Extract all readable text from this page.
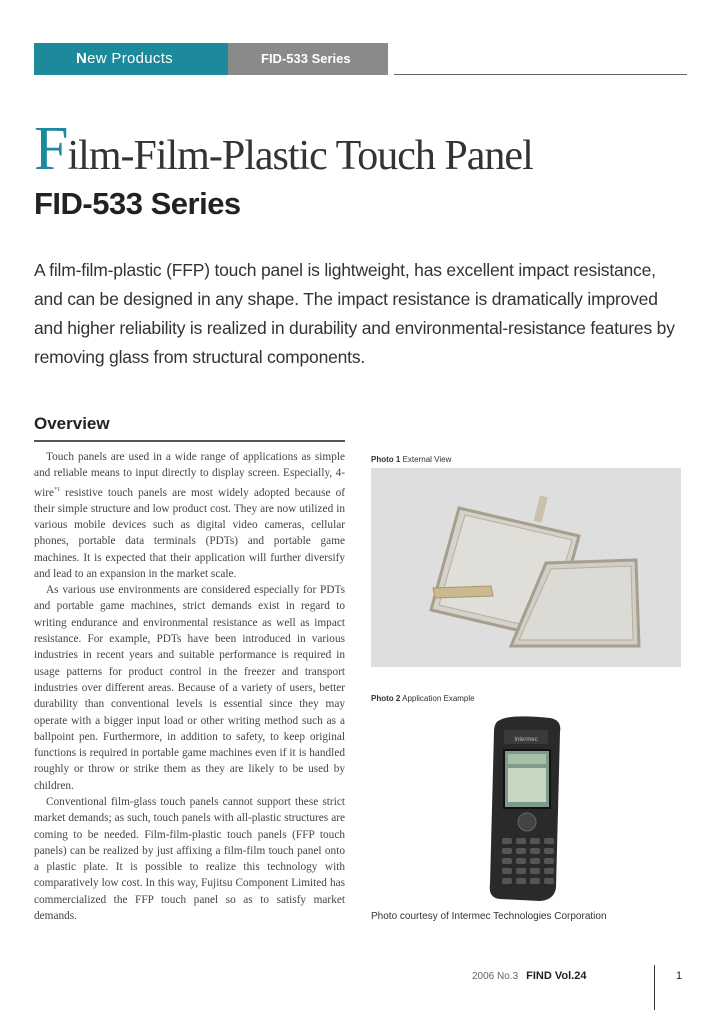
New Products	FID-533 Series
Film-Film-Plastic Touch Panel
FID-533 Series
A film-film-plastic (FFP) touch panel is lightweight, has excellent impact resistance, and can be designed in any shape. The impact resistance is dramatically improved and higher reliability is realized in durability and environmental-resistance features by removing glass from structural components.
Overview

Touch panels are used in a wide range of applications as simple and reliable means to input directly to display screen. Especially, 4-wire$^{*1}$ resistive touch panels are most widely adopted because of their simple structure and low product cost. They are now utilized in various mobile devices such as digital video cameras, cellular phones, portable data terminals (PDTs) and portable game machines. It is expected that their application will further diversify and lead to an expansion in the market scale.

As various use environments are considered especially for PDTs and portable game machines, strict demands exist in regard to writing endurance and environmental resistance as well as impact resistance. For example, PDTs have been introduced in various industries in recent years and suitable performance is required in usage patterns for product control in the freezer and transport industries over different areas. Because of a variety of users, better durability than conventional levels is essential since they may operate with a bigger input load or other writing method such as a ballpoint pen. Furthermore, in addition to safety, to keep original functions is required in portable game machines even if it is handled roughly or throw or strike them as they are likely to be used by children.

Conventional film-glass touch panels cannot support these strict market demands; as such, touch panels with all-plastic structures are coming to be needed. Film-film-plastic touch panels (FFP touch panels) can be realized by just affixing a film-film touch panel onto a plastic plate. It is possible to realize this technology with comparatively low cost. In this way, Fujitsu Component Limited has commercialized the FFP touch panel so as to satisfy market demands.

Photo 1 External View
Photo 2 Application Example
Intermec
Photo courtesy of Intermec Technologies Corporation
2006 No.3 FIND Vol.24	1
